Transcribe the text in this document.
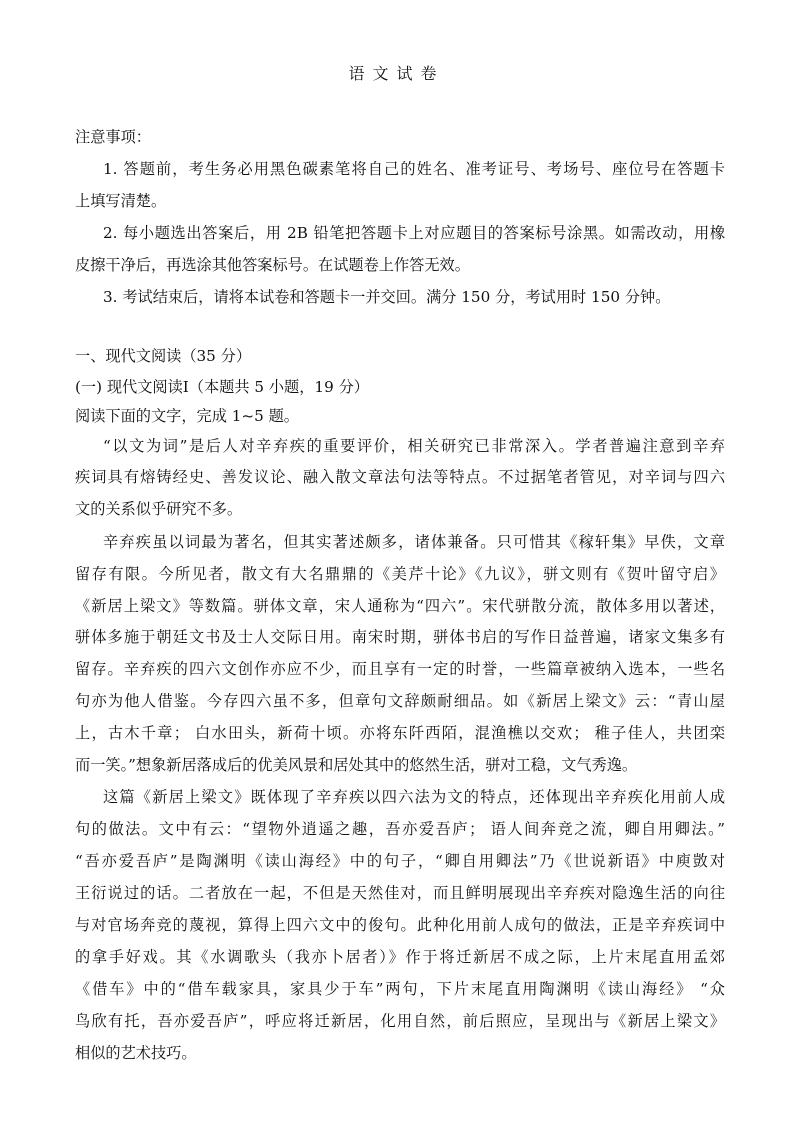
语文试卷
注意事项：
1. 答题前，考生务必用黑色碳素笔将自己的姓名、准考证号、考场号、座位号在答题卡
上填写清楚。
2. 每小题选出答案后，用 2B 铅笔把答题卡上对应题目的答案标号涂黑。如需改动，用橡
皮擦干净后，再选涂其他答案标号。在试题卷上作答无效。
3. 考试结束后，请将本试卷和答题卡一并交回。满分 150 分，考试用时 150 分钟。
一、现代文阅读（35 分）
(一) 现代文阅读Ⅰ（本题共 5 小题，19 分）
阅读下面的文字，完成 1~5 题。
“以文为词”是后人对辛弃疾的重要评价，相关研究已非常深入。学者普遍注意到辛弃
疾词具有熔铸经史、善发议论、融入散文章法句法等特点。不过据笔者管见，对辛词与四六
文的关系似乎研究不多。
辛弃疾虽以词最为著名，但其实著述颇多，诸体兼备。只可惜其《稼轩集》早佚，文章
留存有限。今所见者，散文有大名鼎鼎的《美芹十论》《九议》，骈文则有《贺叶留守启》
《新居上梁文》等数篇。骈体文章，宋人通称为“四六”。宋代骈散分流，散体多用以著述，
骈体多施于朝廷文书及士人交际日用。南宋时期，骈体书启的写作日益普遍，诸家文集多有
留存。辛弃疾的四六文创作亦应不少，而且享有一定的时誉，一些篇章被纳入选本，一些名
句亦为他人借鉴。今存四六虽不多，但章句文辞颇耐细品。如《新居上梁文》云：“青山屋
上，古木千章； 白水田头，新荷十顷。亦将东阡西陌，混渔樵以交欢； 稚子佳人，共团栾
而一笑。”想象新居落成后的优美风景和居处其中的悠然生活，骈对工稳，文气秀逸。
这篇《新居上梁文》既体现了辛弃疾以四六法为文的特点，还体现出辛弃疾化用前人成
句的做法。文中有云：“望物外逍遥之趣，吾亦爱吾庐； 语人间奔竞之流，卿自用卿法。”
“吾亦爱吾庐”是陶渊明《读山海经》中的句子，“卿自用卿法”乃《世说新语》中庾敳对
王衍说过的话。二者放在一起，不但是天然佳对，而且鲜明展现出辛弃疾对隐逸生活的向往
与对官场奔竞的蔑视，算得上四六文中的俊句。此种化用前人成句的做法，正是辛弃疾词中
的拿手好戏。其《水调歌头（我亦卜居者）》作于将迁新居不成之际，上片末尾直用孟郊
《借车》中的“借车载家具，家具少于车”两句，下片末尾直用陶渊明《读山海经》 “众
鸟欣有托，吾亦爱吾庐”，呼应将迁新居，化用自然，前后照应，呈现出与《新居上梁文》
相似的艺术技巧。
